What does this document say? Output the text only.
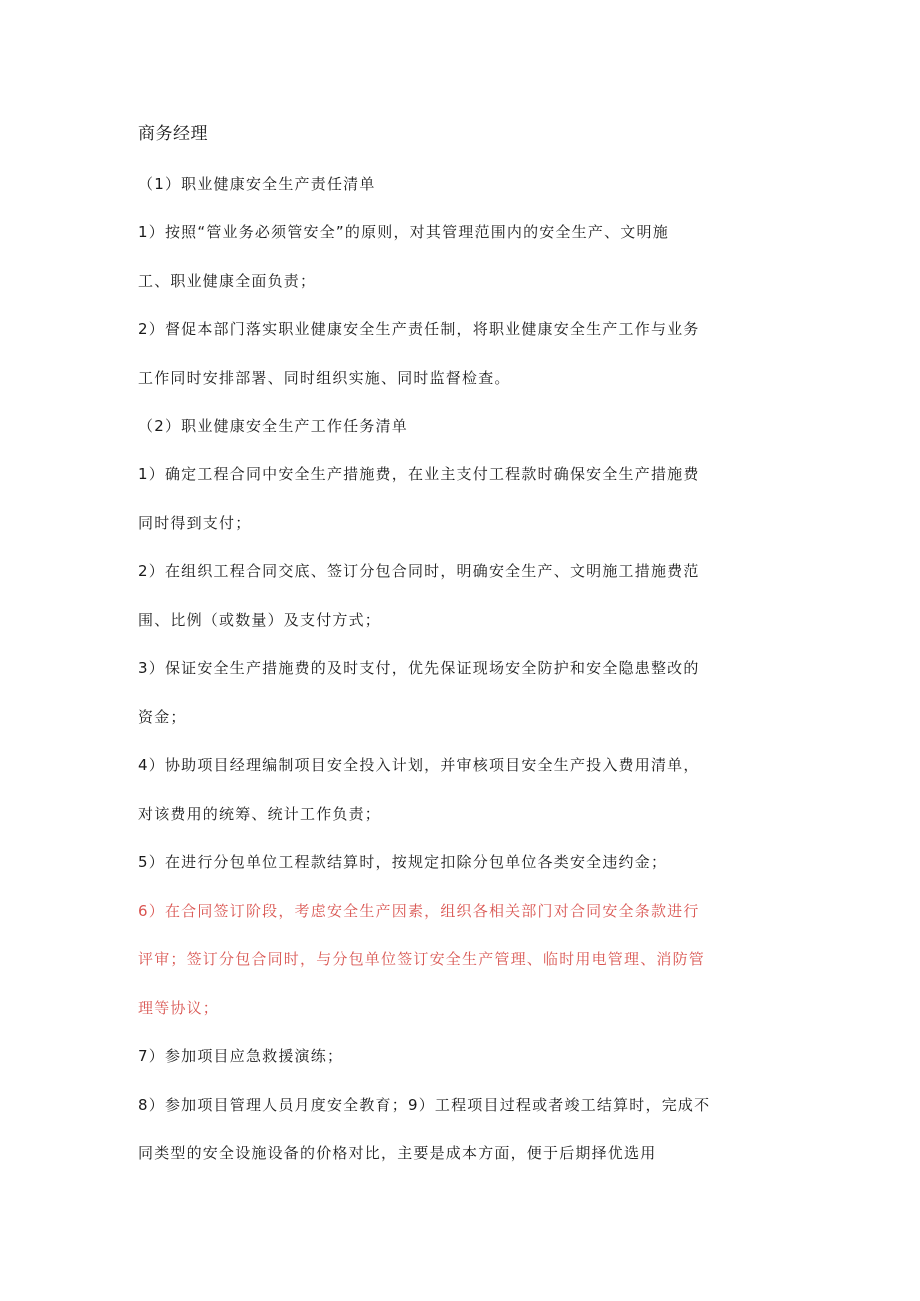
商务经理
（1）职业健康安全生产责任清单
1）按照“管业务必须管安全”的原则，对其管理范围内的安全生产、文明施
工、职业健康全面负责；
2）督促本部门落实职业健康安全生产责任制，将职业健康安全生产工作与业务
工作同时安排部署、同时组织实施、同时监督检查。
（2）职业健康安全生产工作任务清单
1）确定工程合同中安全生产措施费，在业主支付工程款时确保安全生产措施费
同时得到支付；
2）在组织工程合同交底、签订分包合同时，明确安全生产、文明施工措施费范
围、比例（或数量）及支付方式；
3）保证安全生产措施费的及时支付，优先保证现场安全防护和安全隐患整改的
资金；
4）协助项目经理编制项目安全投入计划，并审核项目安全生产投入费用清单，
对该费用的统筹、统计工作负责；
5）在进行分包单位工程款结算时，按规定扣除分包单位各类安全违约金；
6）在合同签订阶段，考虑安全生产因素，组织各相关部门对合同安全条款进行
评审；签订分包合同时，与分包单位签订安全生产管理、临时用电管理、消防管
理等协议；
7）参加项目应急救援演练；
8）参加项目管理人员月度安全教育；9）工程项目过程或者竣工结算时，完成不
同类型的安全设施设备的价格对比，主要是成本方面，便于后期择优选用
